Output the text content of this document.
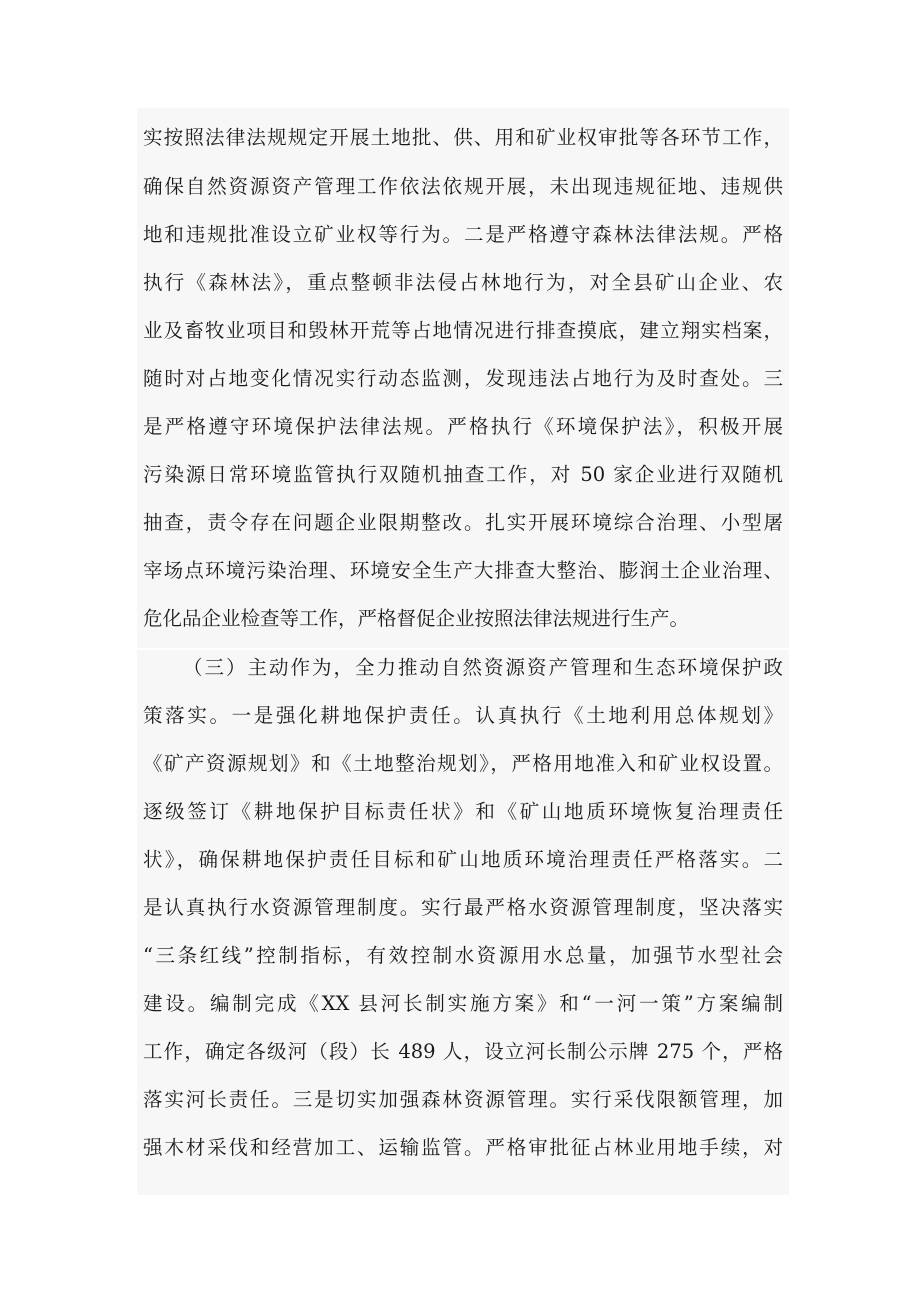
实按照法律法规规定开展土地批、供、用和矿业权审批等各环节工作，
确保自然资源资产管理工作依法依规开展，未出现违规征地、违规供
地和违规批准设立矿业权等行为。二是严格遵守森林法律法规。严格
执行《森林法》，重点整顿非法侵占林地行为，对全县矿山企业、农
业及畜牧业项目和毁林开荒等占地情况进行排查摸底，建立翔实档案，
随时对占地变化情况实行动态监测，发现违法占地行为及时查处。三
是严格遵守环境保护法律法规。严格执行《环境保护法》，积极开展
污染源日常环境监管执行双随机抽查工作，对 50 家企业进行双随机
抽查，责令存在问题企业限期整改。扎实开展环境综合治理、小型屠
宰场点环境污染治理、环境安全生产大排查大整治、膨润土企业治理、
危化品企业检查等工作，严格督促企业按照法律法规进行生产。
（三）主动作为，全力推动自然资源资产管理和生态环境保护政
策落实。一是强化耕地保护责任。认真执行《土地利用总体规划》
《矿产资源规划》和《土地整治规划》，严格用地准入和矿业权设置。
逐级签订《耕地保护目标责任状》和《矿山地质环境恢复治理责任
状》，确保耕地保护责任目标和矿山地质环境治理责任严格落实。二
是认真执行水资源管理制度。实行最严格水资源管理制度，坚决落实
“三条红线”控制指标，有效控制水资源用水总量，加强节水型社会
建设。编制完成《XX 县河长制实施方案》和“一河一策”方案编制
工作，确定各级河（段）长 489 人，设立河长制公示牌 275 个，严格
落实河长责任。三是切实加强森林资源管理。实行采伐限额管理，加
强木材采伐和经营加工、运输监管。严格审批征占林业用地手续，对
